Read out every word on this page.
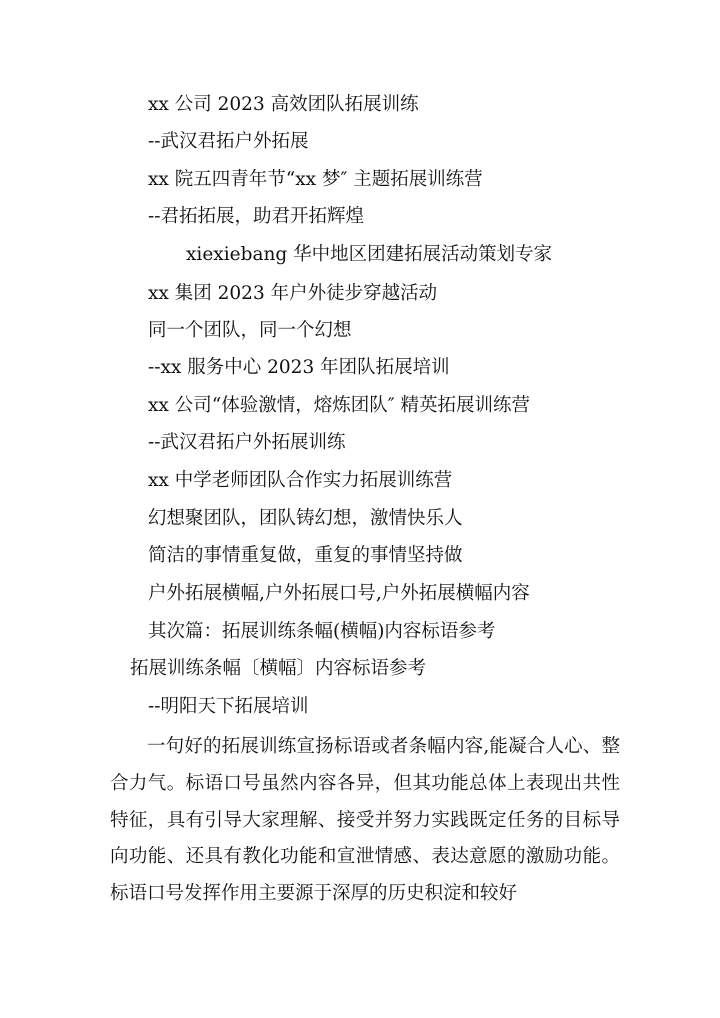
xx 公司 2023 高效团队拓展训练
--武汉君拓户外拓展
xx 院五四青年节“xx 梦″ 主题拓展训练营
--君拓拓展，助君开拓辉煌
xiexiebang 华中地区团建拓展活动策划专家
xx 集团 2023 年户外徒步穿越活动
同一个团队，同一个幻想
--xx 服务中心 2023 年团队拓展培训
xx 公司“体验激情，熔炼团队″ 精英拓展训练营
--武汉君拓户外拓展训练
xx 中学老师团队合作实力拓展训练营
幻想聚团队，团队铸幻想，激情快乐人
简洁的事情重复做，重复的事情坚持做
户外拓展横幅,户外拓展口号,户外拓展横幅内容
其次篇：拓展训练条幅(横幅)内容标语参考
拓展训练条幅〔横幅〕内容标语参考
--明阳天下拓展培训
一句好的拓展训练宣扬标语或者条幅内容,能凝合人心、整合力气。标语口号虽然内容各异，但其功能总体上表现出共性特征，具有引导大家理解、接受并努力实践既定任务的目标导向功能、还具有教化功能和宣泄情感、表达意愿的激励功能。标语口号发挥作用主要源于深厚的历史积淀和较好
